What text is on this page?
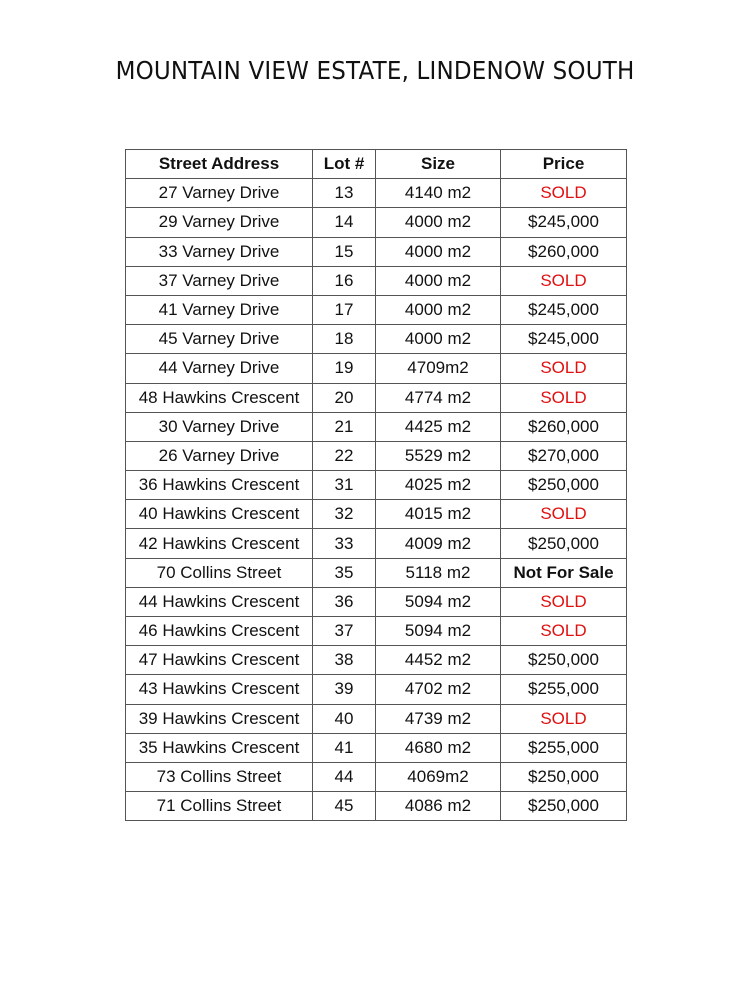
MOUNTAIN VIEW ESTATE, LINDENOW SOUTH
Street Address	Lot #	Size	Price
27 Varney Drive	13	4140 m2	SOLD
29 Varney Drive	14	4000 m2	$245,000
33 Varney Drive	15	4000 m2	$260,000
37 Varney Drive	16	4000 m2	SOLD
41 Varney Drive	17	4000 m2	$245,000
45 Varney Drive	18	4000 m2	$245,000
44 Varney Drive	19	4709m2	SOLD
48 Hawkins Crescent	20	4774 m2	SOLD
30 Varney Drive	21	4425 m2	$260,000
26 Varney Drive	22	5529 m2	$270,000
36 Hawkins Crescent	31	4025 m2	$250,000
40 Hawkins Crescent	32	4015 m2	SOLD
42 Hawkins Crescent	33	4009 m2	$250,000
70 Collins Street	35	5118 m2	Not For Sale
44 Hawkins Crescent	36	5094 m2	SOLD
46 Hawkins Crescent	37	5094 m2	SOLD
47 Hawkins Crescent	38	4452 m2	$250,000
43 Hawkins Crescent	39	4702 m2	$255,000
39 Hawkins Crescent	40	4739 m2	SOLD
35 Hawkins Crescent	41	4680 m2	$255,000
73 Collins Street	44	4069m2	$250,000
71 Collins Street	45	4086 m2	$250,000
